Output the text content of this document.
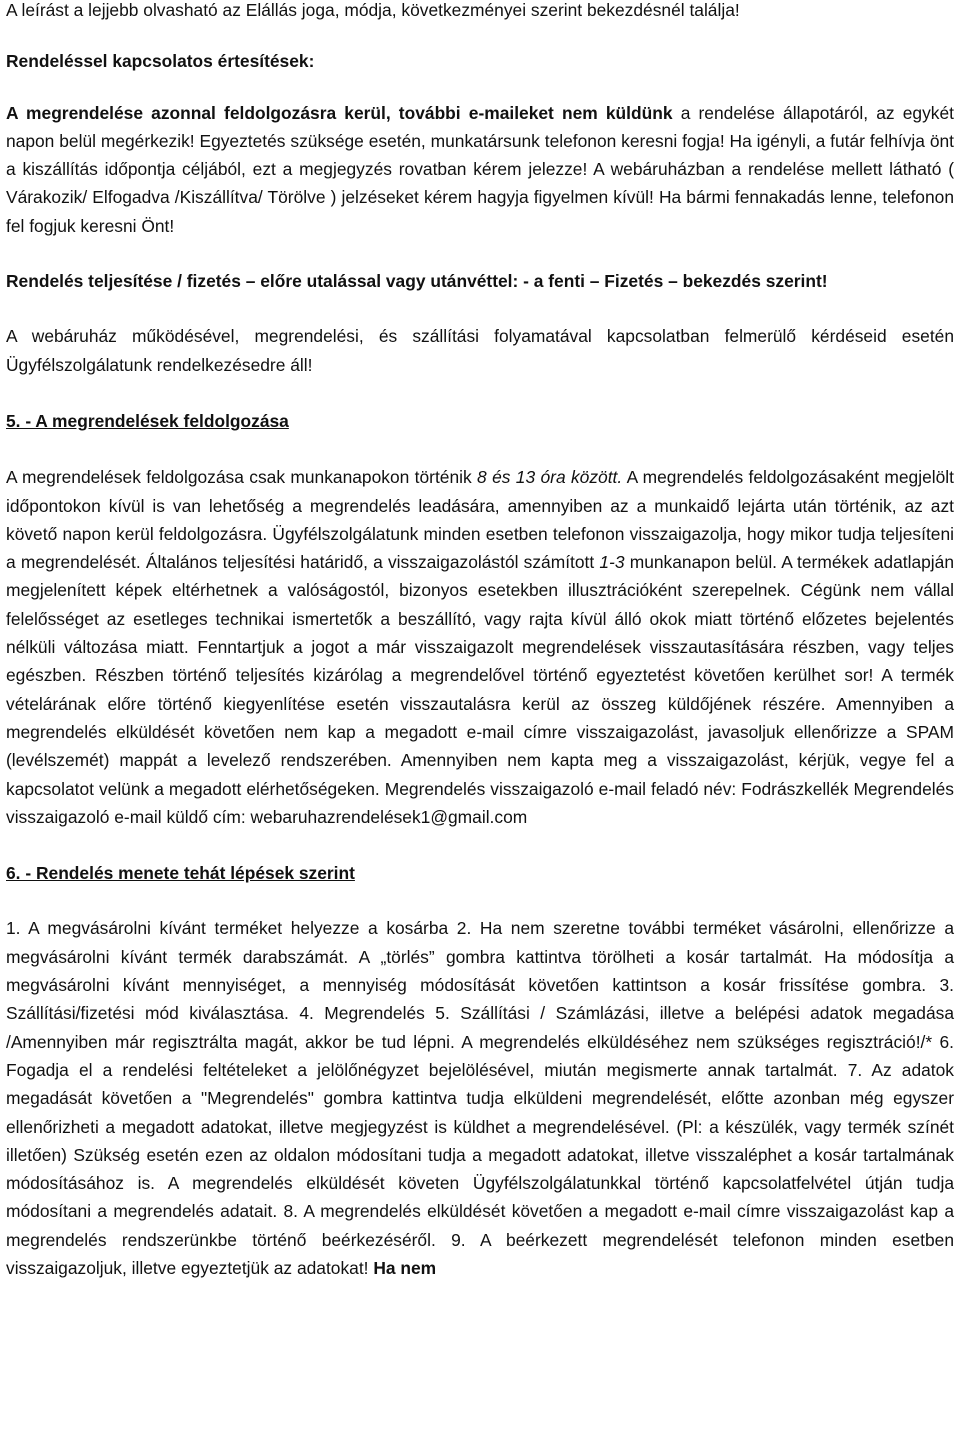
A leírást a lejjebb olvasható az Elállás joga, módja, következményei szerint bekezdésnél találja!

Rendeléssel kapcsolatos értesítések:

A megrendelése azonnal feldolgozásra kerül, további e-maileket nem küldünk a rendelése állapotáról, az egykét napon belül megérkezik! Egyeztetés szüksége esetén, munkatársunk telefonon keresni fogja! Ha igényli, a futár felhívja önt a kiszállítás időpontja céljából, ezt a megjegyzés rovatban kérem jelezze! A webáruházban a rendelése mellett látható ( Várakozik/ Elfogadva /Kiszállítva/ Törölve ) jelzéseket kérem hagyja figyelmen kívül! Ha bármi fennakadás lenne, telefonon fel fogjuk keresni Önt!

Rendelés teljesítése / fizetés – előre utalással vagy utánvéttel: - a fenti – Fizetés – bekezdés szerint!

A webáruház működésével, megrendelési, és szállítási folyamatával kapcsolatban felmerülő kérdéseid esetén Ügyfélszolgálatunk rendelkezésedre áll!

5. - A megrendelések feldolgozása

A megrendelések feldolgozása csak munkanapokon történik 8 és 13 óra között. A megrendelés feldolgozásaként megjelölt időpontokon kívül is van lehetőség a megrendelés leadására, amennyiben az a munkaidő lejárta után történik, az azt követő napon kerül feldolgozásra. Ügyfélszolgálatunk minden esetben telefonon visszaigazolja, hogy mikor tudja teljesíteni a megrendelését. Általános teljesítési határidő, a visszaigazolástól számított 1-3 munkanapon belül. A termékek adatlapján megjelenített képek eltérhetnek a valóságostól, bizonyos esetekben illusztrációként szerepelnek. Cégünk nem vállal felelősséget az esetleges technikai ismertetők a beszállító, vagy rajta kívül álló okok miatt történő előzetes bejelentés nélküli változása miatt. Fenntartjuk a jogot a már visszaigazolt megrendelések visszautasítására részben, vagy teljes egészben. Részben történő teljesítés kizárólag a megrendelővel történő egyeztetést követően kerülhet sor! A termék vételárának előre történő kiegyenlítése esetén visszautalásra kerül az összeg küldőjének részére. Amennyiben a megrendelés elküldését követően nem kap a megadott e-mail címre visszaigazolást, javasoljuk ellenőrizze a SPAM (levélszemét) mappát a levelező rendszerében. Amennyiben nem kapta meg a visszaigazolást, kérjük, vegye fel a kapcsolatot velünk a megadott elérhetőségeken. Megrendelés visszaigazoló e-mail feladó név: Fodrászkellék Megrendelés visszaigazoló e-mail küldő cím: webaruhazrendelések1@gmail.com

6. - Rendelés menete tehát lépések szerint

1. A megvásárolni kívánt terméket helyezze a kosárba 2. Ha nem szeretne további terméket vásárolni, ellenőrizze a megvásárolni kívánt termék darabszámát. A „törlés” gombra kattintva törölheti a kosár tartalmát. Ha módosítja a megvásárolni kívánt mennyiséget, a mennyiség módosítását követően kattintson a kosár frissítése gombra. 3. Szállítási/fizetési mód kiválasztása. 4. Megrendelés 5. Szállítási / Számlázási, illetve a belépési adatok megadása /Amennyiben már regisztrálta magát, akkor be tud lépni. A megrendelés elküldéséhez nem szükséges regisztráció!/* 6. Fogadja el a rendelési feltételeket a jelölőnégyzet bejelölésével, miután megismerte annak tartalmát. 7. Az adatok megadását követően a "Megrendelés" gombra kattintva tudja elküldeni megrendelését, előtte azonban még egyszer ellenőrizheti a megadott adatokat, illetve megjegyzést is küldhet a megrendelésével. (Pl: a készülék, vagy termék színét illetően) Szükség esetén ezen az oldalon módosítani tudja a megadott adatokat, illetve visszaléphet a kosár tartalmának módosításához is. A megrendelés elküldését követen Ügyfélszolgálatunkkal történő kapcsolatfelvétel útján tudja módosítani a megrendelés adatait. 8. A megrendelés elküldését követően a megadott e-mail címre visszaigazolást kap a megrendelés rendszerünkbe történő beérkezéséről. 9. A beérkezett megrendelését telefonon minden esetben visszaigazoljuk, illetve egyeztetjük az adatokat! Ha nem
